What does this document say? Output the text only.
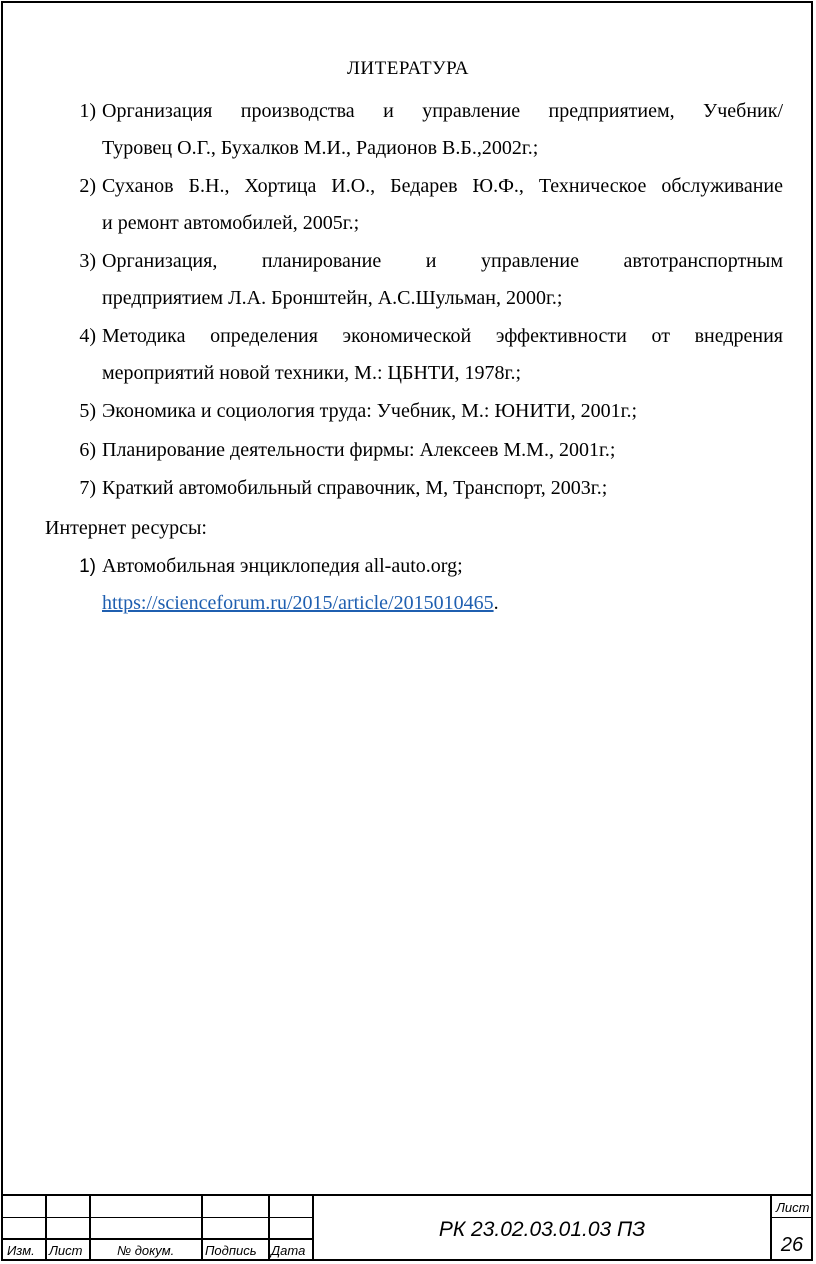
ЛИТЕРАТУРА
1) Организация производства и управление предприятием, Учебник/
Туровец О.Г., Бухалков М.И., Радионов В.Б.,2002г.;
2) Суханов Б.Н., Хортица И.О., Бедарев Ю.Ф., Техническое обслуживание
и ремонт автомобилей, 2005г.;
3) Организация, планирование и управление автотранспортным
предприятием Л.А. Бронштейн, А.С.Шульман, 2000г.;
4) Методика определения экономической эффективности от внедрения
мероприятий новой техники, М.: ЦБНТИ, 1978г.;
5) Экономика и социология труда: Учебник, М.: ЮНИТИ, 2001г.;
6) Планирование деятельности фирмы: Алексеев М.М., 2001г.;
7) Краткий автомобильный справочник, М, Транспорт, 2003г.;
Интернет ресурсы:
1) Автомобильная энциклопедия all-auto.org;
https://scienceforum.ru/2015/article/2015010465.
Изм. Лист	№ докум. Подпись Дата
РК 23.02.03.01.03 ПЗ
Лист
26
